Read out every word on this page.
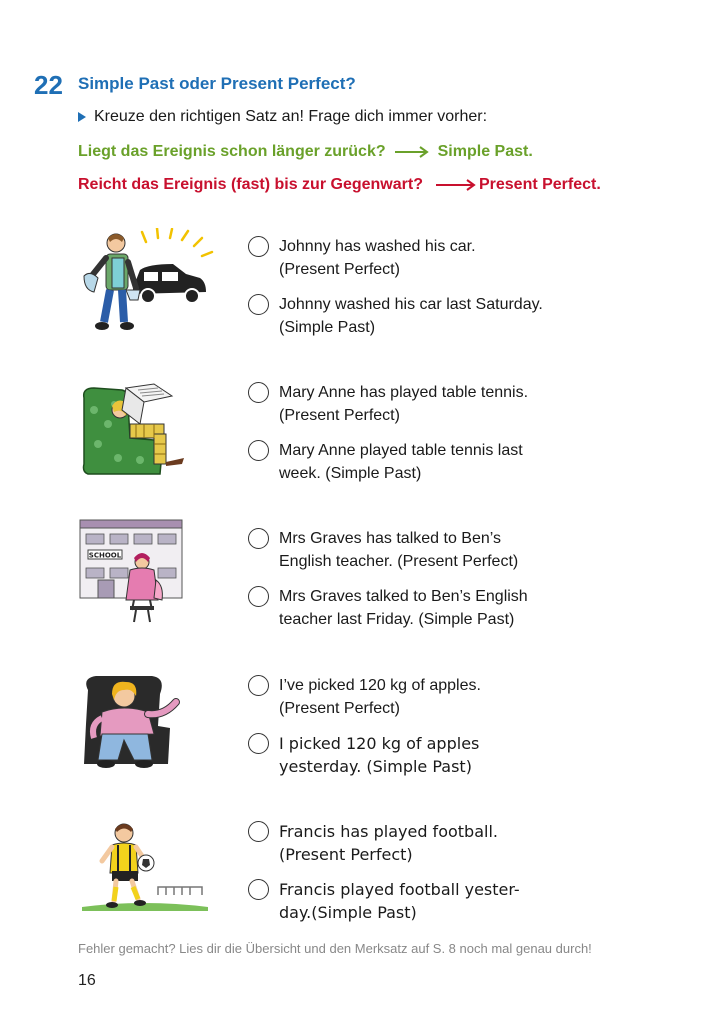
22 Simple Past oder Present Perfect?
Kreuze den richtigen Satz an! Frage dich immer vorher:
Liegt das Ereignis schon länger zurück?	Simple Past.
Reicht das Ereignis (fast) bis zur Gegenwart?	Present Perfect.
Johnny has washed his car.
(Present Perfect)
Johnny washed his car last Saturday.
(Simple Past)
Mary Anne has played table tennis.
(Present Perfect)
Mary Anne played table tennis last
week. (Simple Past)
SCHOOL
Mrs Graves has talked to Ben’s
English teacher. (Present Perfect)
Mrs Graves talked to Ben’s English
teacher last Friday. (Simple Past)
I’ve picked 120 kg of apples.
(Present Perfect)
I picked 120 kg of apples
yesterday. (Simple Past)
Francis has played football.
(Present Perfect)
Francis played football yester-
day.(Simple Past)
Fehler gemacht? Lies dir die Übersicht und den Merksatz auf S. 8 noch mal genau durch!
16
